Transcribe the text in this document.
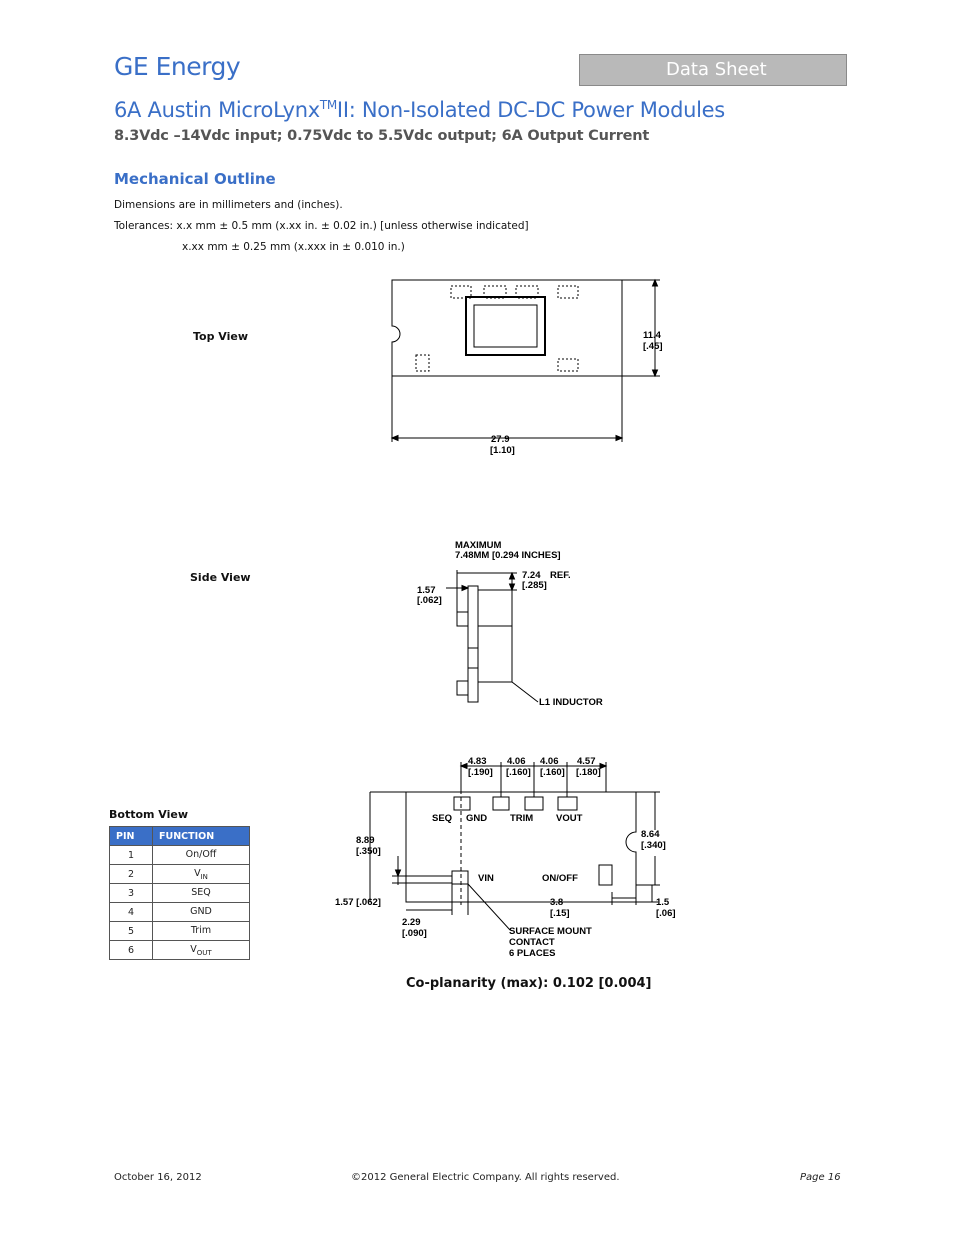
GE Energy	Data Sheet
6A Austin MicroLynx™II: Non-Isolated DC-DC Power Modules
8.3Vdc –14Vdc input; 0.75Vdc to 5.5Vdc output; 6A Output Current
Mechanical Outline
Dimensions are in millimeters and (inches).
Tolerances: x.x mm ± 0.5 mm (x.xx in. ± 0.02 in.) [unless otherwise indicated]
x.xx mm ± 0.25 mm (x.xxx in ± 0.010 in.)
Top View
Side View
Bottom View
11.4
[.45]
27.9
[1.10]
MAXIMUM
7.48MM [0.294 INCHES]
7.24 REF.
[.285]
1.57
[.062]
L1 INDUCTOR
4.83
[.190]
4.06
[.160]
4.06
[.160]
4.57
[.180]
SEQ GND TRIM VOUT
VIN	ON/OFF
8.89
[.350]
8.64
[.340]
1.57 [.062]
2.29
[.090]
3.8
[.15]
1.5
[.06]
SURFACE MOUNT
CONTACT
6 PLACES
PIN	FUNCTION
1	On/Off
2	$V_{IN}$
3	SEQ
4	GND
5	Trim
6	$V_{OUT}$
Co-planarity (max): 0.102 [0.004]
October 16, 2012	©2012 General Electric Company. All rights reserved.	Page 16
